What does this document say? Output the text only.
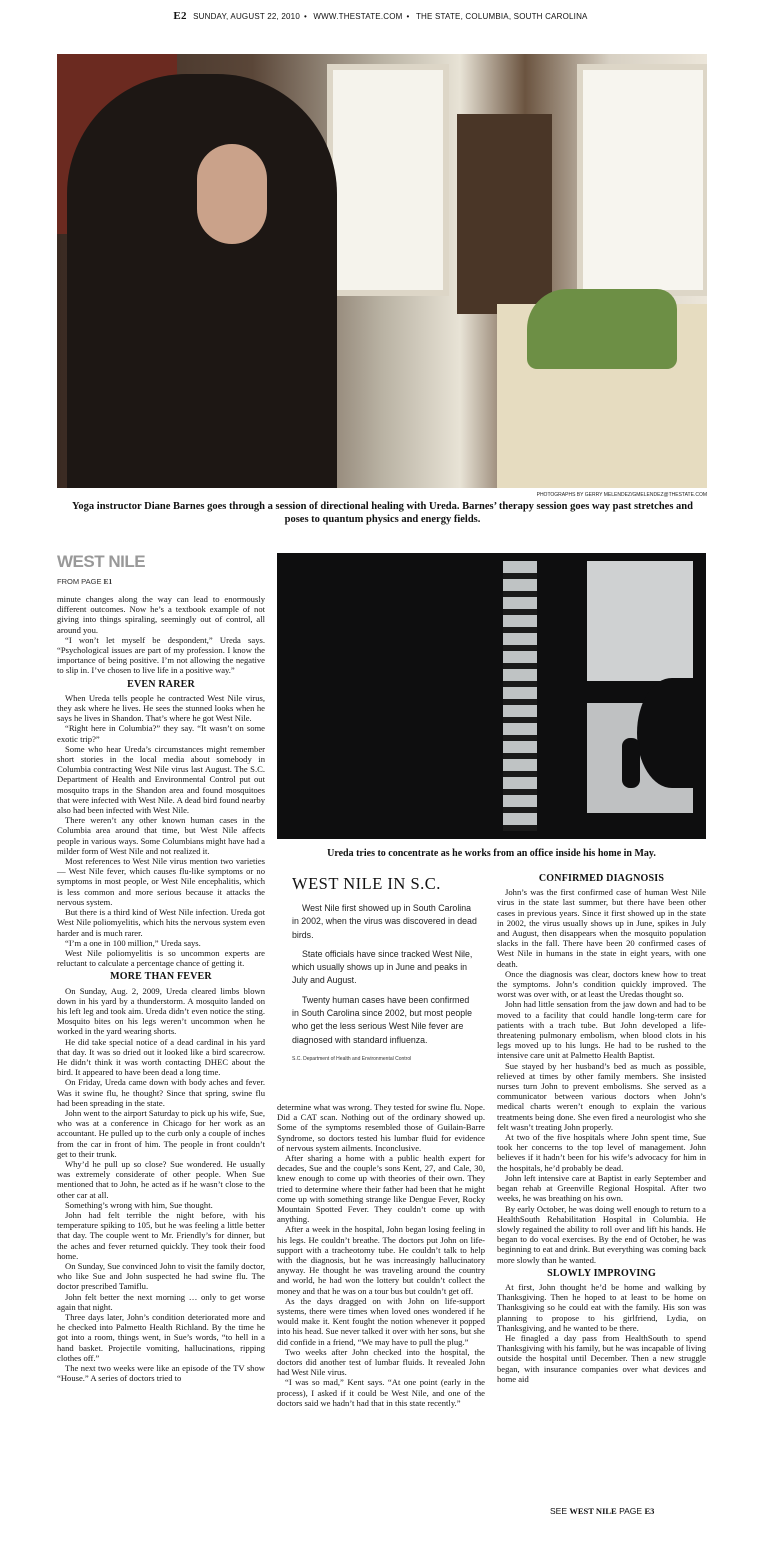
E2 SUNDAY, AUGUST 22, 2010 • WWW.THESTATE.COM • THE STATE, COLUMBIA, SOUTH CAROLINA
PHOTOGRAPHS BY GERRY MELENDEZ/GMELENDEZ@THESTATE.COM
Yoga instructor Diane Barnes goes through a session of directional healing with Ureda. Barnes’ therapy session goes way past stretches and poses to quantum physics and energy fields.
WEST NILE
FROM PAGE E1

minute changes along the way can lead to enormously different outcomes. Now he’s a textbook example of not giving into things spiraling, seemingly out of control, all around you.

“I won’t let myself be despondent,” Ureda says. “Psychological issues are part of my profession. I know the importance of being positive. I’m not allowing the negative to slip in. I’ve chosen to live life in a positive way.”

EVEN RARER

When Ureda tells people he contracted West Nile virus, they ask where he lives. He sees the stunned looks when he says he lives in Shandon. That’s where he got West Nile.

“Right here in Columbia?” they say. “It wasn’t on some exotic trip?”

Some who hear Ureda’s circumstances might remember short stories in the local media about somebody in Columbia contracting West Nile virus last August. The S.C. Department of Health and Environmental Control put out mosquito traps in the Shandon area and found mosquitoes that were infected with West Nile. A dead bird found nearby also had been infected with West Nile.

There weren’t any other known human cases in the Columbia area around that time, but West Nile affects people in various ways. Some Columbians might have had a milder form of West Nile and not realized it.

Most references to West Nile virus mention two varieties — West Nile fever, which causes flu-like symptoms or no symptoms in most people, or West Nile encephalitis, which is less common and more serious because it attacks the nervous system.

But there is a third kind of West Nile infection. Ureda got West Nile poliomyelitis, which hits the nervous system even harder and is much rarer.

“I’m a one in 100 million,” Ureda says.

West Nile poliomyelitis is so uncommon experts are reluctant to calculate a percentage chance of getting it.

MORE THAN FEVER

On Sunday, Aug. 2, 2009, Ureda cleared limbs blown down in his yard by a thunderstorm. A mosquito landed on his left leg and took aim. Ureda didn’t even notice the sting. Mosquito bites on his legs weren’t uncommon when he worked in the yard wearing shorts.

He did take special notice of a dead cardinal in his yard that day. It was so dried out it looked like a bird scarecrow. He didn’t think it was worth contacting DHEC about the bird. It appeared to have been dead a long time.

On Friday, Ureda came down with body aches and fever. Was it swine flu, he thought? Since that spring, swine flu had been spreading in the state.

John went to the airport Saturday to pick up his wife, Sue, who was at a conference in Chicago for her work as an accountant. He pulled up to the curb only a couple of inches from the car in front of him. The people in front couldn’t get to their trunk.

Why’d he pull up so close? Sue wondered. He usually was extremely considerate of other people. When Sue mentioned that to John, he acted as if he wasn’t close to the other car at all.

Something’s wrong with him, Sue thought.

John had felt terrible the night before, with his temperature spiking to 105, but he was feeling a little better that day. The couple went to Mr. Friendly’s for dinner, but the aches and fever returned quickly. They took their food home.

On Sunday, Sue convinced John to visit the family doctor, who like Sue and John suspected he had swine flu. The doctor prescribed Tamiflu.

John felt better the next morning … only to get worse again that night.

Three days later, John’s condition deteriorated more and he checked into Palmetto Health Richland. By the time he got into a room, things went, in Sue’s words, “to hell in a hand basket. Projectile vomiting, hallucinations, ripping clothes off.”

The next two weeks were like an episode of the TV show “House.” A series of doctors tried to

Ureda tries to concentrate as he works from an office inside his home in May.
WEST NILE IN S.C.

West Nile first showed up in South Carolina in 2002, when the virus was discovered in dead birds.

State officials have since tracked West Nile, which usually shows up in June and peaks in July and August.

Twenty human cases have been confirmed in South Carolina since 2002, but most people who get the less serious West Nile fever are diagnosed with standard influenza.

S.C. Department of Health and Environmental Control

determine what was wrong. They tested for swine flu. Nope. Did a CAT scan. Nothing out of the ordinary showed up. Some of the symptoms resembled those of Guilain-Barre Syndrome, so doctors tested his lumbar fluid for evidence of nervous system ailments. Inconclusive.

After sharing a home with a public health expert for decades, Sue and the couple’s sons Kent, 27, and Cale, 30, knew enough to come up with theories of their own. They tried to determine where their father had been that he might come up with something strange like Dengue Fever, Rocky Mountain Spotted Fever. They couldn’t come up with anything.

After a week in the hospital, John began losing feeling in his legs. He couldn’t breathe. The doctors put John on life-support with a tracheotomy tube. He couldn’t talk to help with the diagnosis, but he was increasingly hallucinatory anyway. He thought he was traveling around the country and world, he had won the lottery but couldn’t collect the money and that he was on a tour bus but couldn’t get off.

As the days dragged on with John on life-support systems, there were times when loved ones wondered if he would make it. Kent fought the notion whenever it popped into his head. Sue never talked it over with her sons, but she did confide in a friend, “We may have to pull the plug.”

Two weeks after John checked into the hospital, the doctors did another test of lumbar fluids. It revealed John had West Nile virus.

“I was so mad,” Kent says. “At one point (early in the process), I asked if it could be West Nile, and one of the doctors said we hadn’t had that in this state recently.”

CONFIRMED DIAGNOSIS

John’s was the first confirmed case of human West Nile virus in the state last summer, but there have been other cases in previous years. Since it first showed up in the state in 2002, the virus usually shows up in June, spikes in July and August, then disappears when the mosquito population slacks in the fall. There have been 20 confirmed cases of West Nile in humans in the state in eight years, with one death.

Once the diagnosis was clear, doctors knew how to treat the symptoms. John’s condition quickly improved. The worst was over with, or at least the Uredas thought so.

John had little sensation from the jaw down and had to be moved to a facility that could handle long-term care for patients with a trach tube. But John developed a life-threatening pulmonary embolism, when blood clots in his legs moved up to his lungs. He had to be rushed to the intensive care unit at Palmetto Health Baptist.

Sue stayed by her husband’s bed as much as possible, relieved at times by other family members. She insisted nurses turn John to prevent embolisms. She served as a communicator between various doctors when John’s medical charts weren’t enough to explain the various treatments being done. She even fired a neurologist who she felt wasn’t treating John properly.

At two of the five hospitals where John spent time, Sue took her concerns to the top level of management. John believes if it hadn’t been for his wife’s advocacy for him in the hospitals, he’d probably be dead.

John left intensive care at Baptist in early September and began rehab at Greenville Regional Hospital. After two weeks, he was breathing on his own.

By early October, he was doing well enough to return to a HealthSouth Rehabilitation Hospital in Columbia. He slowly regained the ability to roll over and lift his hands. He began to do vocal exercises. By the end of October, he was beginning to eat and drink. But everything was coming back more slowly than he wanted.

SLOWLY IMPROVING

At first, John thought he’d be home and walking by Thanksgiving. Then he hoped to at least to be home on Thanksgiving so he could eat with the family. His son was planning to propose to his girlfriend, Lydia, on Thanksgiving, and he wanted to be there.

He finagled a day pass from HealthSouth to spend Thanksgiving with his family, but he was incapable of living outside the hospital until December. Then a new struggle began, with insurance companies over what devices and home aid

SEE WEST NILE PAGE E3
